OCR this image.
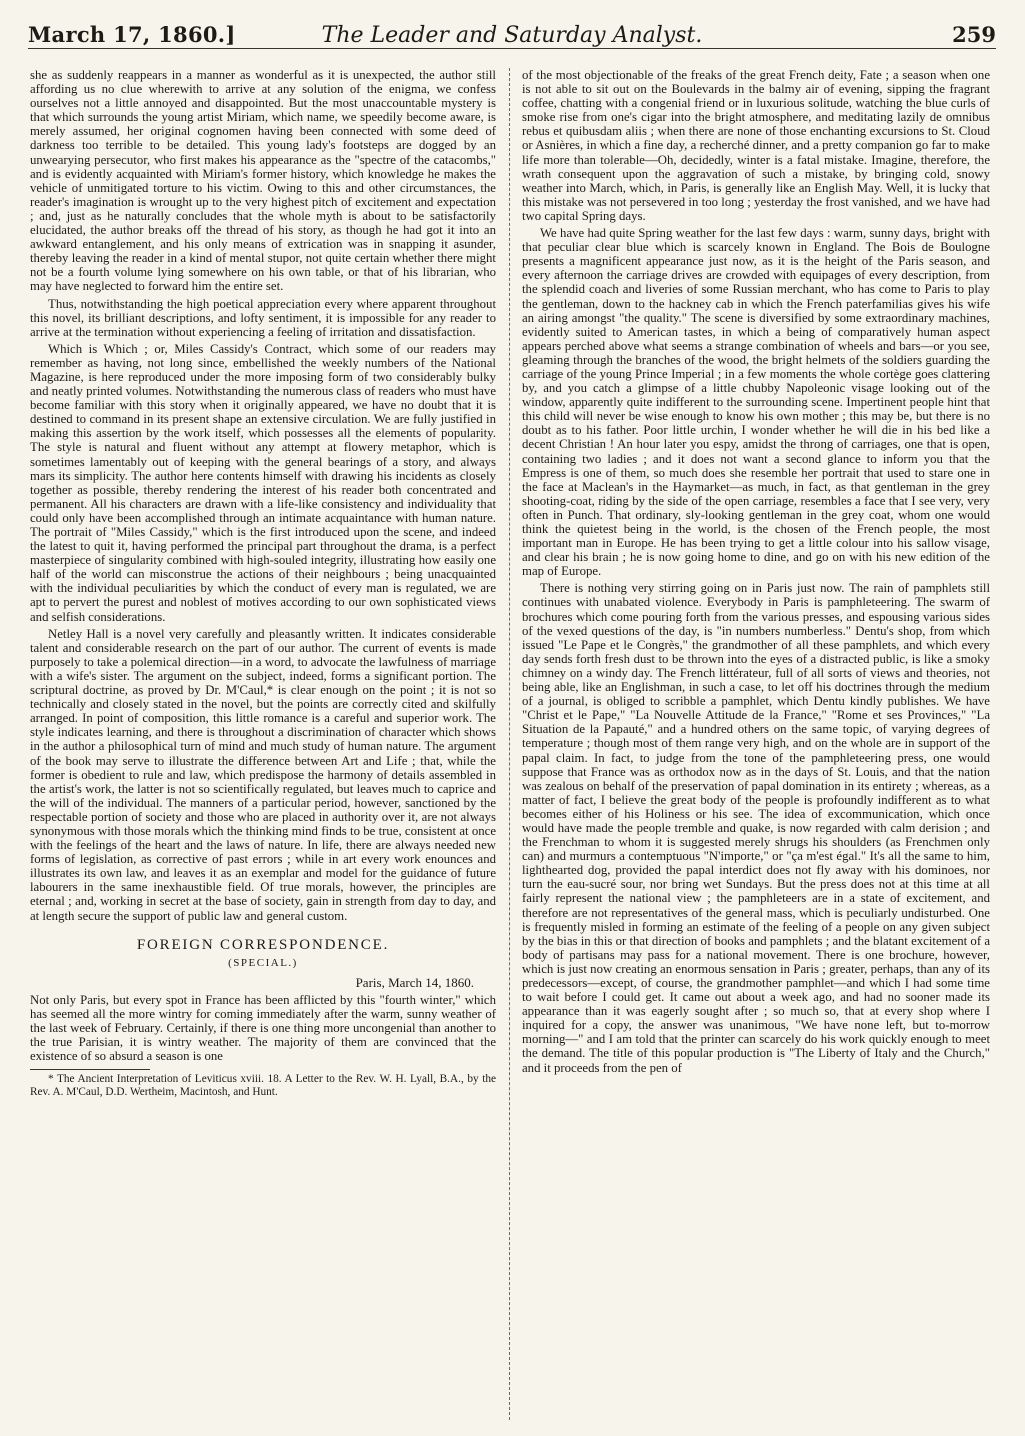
March 17, 1860.]	The Leader and Saturday Analyst.	259

she as suddenly reappears in a manner as wonderful as it is unexpected, the author still affording us no clue wherewith to arrive at any solution of the enigma, we confess ourselves not a little annoyed and disappointed. But the most unaccountable mystery is that which surrounds the young artist Miriam, which name, we speedily become aware, is merely assumed, her original cognomen having been connected with some deed of darkness too terrible to be detailed. This young lady's footsteps are dogged by an unwearying persecutor, who first makes his appearance as the "spectre of the catacombs," and is evidently acquainted with Miriam's former history, which knowledge he makes the vehicle of unmitigated torture to his victim. Owing to this and other circumstances, the reader's imagination is wrought up to the very highest pitch of excitement and expectation ; and, just as he naturally concludes that the whole myth is about to be satisfactorily elucidated, the author breaks off the thread of his story, as though he had got it into an awkward entanglement, and his only means of extrication was in snapping it asunder, thereby leaving the reader in a kind of mental stupor, not quite certain whether there might not be a fourth volume lying somewhere on his own table, or that of his librarian, who may have neglected to forward him the entire set.

Thus, notwithstanding the high poetical appreciation every where apparent throughout this novel, its brilliant descriptions, and lofty sentiment, it is impossible for any reader to arrive at the termination without experiencing a feeling of irritation and dissatisfaction.

Which is Which ; or, Miles Cassidy's Contract, which some of our readers may remember as having, not long since, embellished the weekly numbers of the National Magazine, is here reproduced under the more imposing form of two considerably bulky and neatly printed volumes. Notwithstanding the numerous class of readers who must have become familiar with this story when it originally appeared, we have no doubt that it is destined to command in its present shape an extensive circulation. We are fully justified in making this assertion by the work itself, which possesses all the elements of popularity. The style is natural and fluent without any attempt at flowery metaphor, which is sometimes lamentably out of keeping with the general bearings of a story, and always mars its simplicity. The author here contents himself with drawing his incidents as closely together as possible, thereby rendering the interest of his reader both concentrated and permanent. All his characters are drawn with a life-like consistency and individuality that could only have been accomplished through an intimate acquaintance with human nature. The portrait of "Miles Cassidy," which is the first introduced upon the scene, and indeed the latest to quit it, having performed the principal part throughout the drama, is a perfect masterpiece of singularity combined with high-souled integrity, illustrating how easily one half of the world can misconstrue the actions of their neighbours ; being unacquainted with the individual peculiarities by which the conduct of every man is regulated, we are apt to pervert the purest and noblest of motives according to our own sophisticated views and selfish considerations.

Netley Hall is a novel very carefully and pleasantly written. It indicates considerable talent and considerable research on the part of our author. The current of events is made purposely to take a polemical direction—in a word, to advocate the lawfulness of marriage with a wife's sister. The argument on the subject, indeed, forms a significant portion. The scriptural doctrine, as proved by Dr. M'Caul,* is clear enough on the point ; it is not so technically and closely stated in the novel, but the points are correctly cited and skilfully arranged. In point of composition, this little romance is a careful and superior work. The style indicates learning, and there is throughout a discrimination of character which shows in the author a philosophical turn of mind and much study of human nature. The argument of the book may serve to illustrate the difference between Art and Life ; that, while the former is obedient to rule and law, which predispose the harmony of details assembled in the artist's work, the latter is not so scientifically regulated, but leaves much to caprice and the will of the individual. The manners of a particular period, however, sanctioned by the respectable portion of society and those who are placed in authority over it, are not always synonymous with those morals which the thinking mind finds to be true, consistent at once with the feelings of the heart and the laws of nature. In life, there are always needed new forms of legislation, as corrective of past errors ; while in art every work enounces and illustrates its own law, and leaves it as an exemplar and model for the guidance of future labourers in the same inexhaustible field. Of true morals, however, the principles are eternal ; and, working in secret at the base of society, gain in strength from day to day, and at length secure the support of public law and general custom.

FOREIGN CORRESPONDENCE.
(SPECIAL.)
Paris, March 14, 1860.

Not only Paris, but every spot in France has been afflicted by this "fourth winter," which has seemed all the more wintry for coming immediately after the warm, sunny weather of the last week of February. Certainly, if there is one thing more uncongenial than another to the true Parisian, it is wintry weather. The majority of them are convinced that the existence of so absurd a season is one

* The Ancient Interpretation of Leviticus xviii. 18. A Letter to the Rev. W. H. Lyall, B.A., by the Rev. A. M'Caul, D.D. Wertheim, Macintosh, and Hunt.

of the most objectionable of the freaks of the great French deity, Fate ; a season when one is not able to sit out on the Boulevards in the balmy air of evening, sipping the fragrant coffee, chatting with a congenial friend or in luxurious solitude, watching the blue curls of smoke rise from one's cigar into the bright atmosphere, and meditating lazily de omnibus rebus et quibusdam aliis ; when there are none of those enchanting excursions to St. Cloud or Asnières, in which a fine day, a recherché dinner, and a pretty companion go far to make life more than tolerable—Oh, decidedly, winter is a fatal mistake. Imagine, therefore, the wrath consequent upon the aggravation of such a mistake, by bringing cold, snowy weather into March, which, in Paris, is generally like an English May. Well, it is lucky that this mistake was not persevered in too long ; yesterday the frost vanished, and we have had two capital Spring days.

We have had quite Spring weather for the last few days : warm, sunny days, bright with that peculiar clear blue which is scarcely known in England. The Bois de Boulogne presents a magnificent appearance just now, as it is the height of the Paris season, and every afternoon the carriage drives are crowded with equipages of every description, from the splendid coach and liveries of some Russian merchant, who has come to Paris to play the gentleman, down to the hackney cab in which the French paterfamilias gives his wife an airing amongst "the quality." The scene is diversified by some extraordinary machines, evidently suited to American tastes, in which a being of comparatively human aspect appears perched above what seems a strange combination of wheels and bars—or you see, gleaming through the branches of the wood, the bright helmets of the soldiers guarding the carriage of the young Prince Imperial ; in a few moments the whole cortège goes clattering by, and you catch a glimpse of a little chubby Napoleonic visage looking out of the window, apparently quite indifferent to the surrounding scene. Impertinent people hint that this child will never be wise enough to know his own mother ; this may be, but there is no doubt as to his father. Poor little urchin, I wonder whether he will die in his bed like a decent Christian ! An hour later you espy, amidst the throng of carriages, one that is open, containing two ladies ; and it does not want a second glance to inform you that the Empress is one of them, so much does she resemble her portrait that used to stare one in the face at Maclean's in the Haymarket—as much, in fact, as that gentleman in the grey shooting-coat, riding by the side of the open carriage, resembles a face that I see very, very often in Punch. That ordinary, sly-looking gentleman in the grey coat, whom one would think the quietest being in the world, is the chosen of the French people, the most important man in Europe. He has been trying to get a little colour into his sallow visage, and clear his brain ; he is now going home to dine, and go on with his new edition of the map of Europe.

There is nothing very stirring going on in Paris just now. The rain of pamphlets still continues with unabated violence. Everybody in Paris is pamphleteering. The swarm of brochures which come pouring forth from the various presses, and espousing various sides of the vexed questions of the day, is "in numbers numberless." Dentu's shop, from which issued "Le Pape et le Congrès," the grandmother of all these pamphlets, and which every day sends forth fresh dust to be thrown into the eyes of a distracted public, is like a smoky chimney on a windy day. The French littérateur, full of all sorts of views and theories, not being able, like an Englishman, in such a case, to let off his doctrines through the medium of a journal, is obliged to scribble a pamphlet, which Dentu kindly publishes. We have "Christ et le Pape," "La Nouvelle Attitude de la France," "Rome et ses Provinces," "La Situation de la Papauté," and a hundred others on the same topic, of varying degrees of temperature ; though most of them range very high, and on the whole are in support of the papal claim. In fact, to judge from the tone of the pamphleteering press, one would suppose that France was as orthodox now as in the days of St. Louis, and that the nation was zealous on behalf of the preservation of papal domination in its entirety ; whereas, as a matter of fact, I believe the great body of the people is profoundly indifferent as to what becomes either of his Holiness or his see. The idea of excommunication, which once would have made the people tremble and quake, is now regarded with calm derision ; and the Frenchman to whom it is suggested merely shrugs his shoulders (as Frenchmen only can) and murmurs a contemptuous "N'importe," or "ça m'est égal." It's all the same to him, lighthearted dog, provided the papal interdict does not fly away with his dominoes, nor turn the eau-sucré sour, nor bring wet Sundays. But the press does not at this time at all fairly represent the national view ; the pamphleteers are in a state of excitement, and therefore are not representatives of the general mass, which is peculiarly undisturbed. One is frequently misled in forming an estimate of the feeling of a people on any given subject by the bias in this or that direction of books and pamphlets ; and the blatant excitement of a body of partisans may pass for a national movement. There is one brochure, however, which is just now creating an enormous sensation in Paris ; greater, perhaps, than any of its predecessors—except, of course, the grandmother pamphlet—and which I had some time to wait before I could get. It came out about a week ago, and had no sooner made its appearance than it was eagerly sought after ; so much so, that at every shop where I inquired for a copy, the answer was unanimous, "We have none left, but to-morrow morning—" and I am told that the printer can scarcely do his work quickly enough to meet the demand. The title of this popular production is "The Liberty of Italy and the Church," and it proceeds from the pen of
